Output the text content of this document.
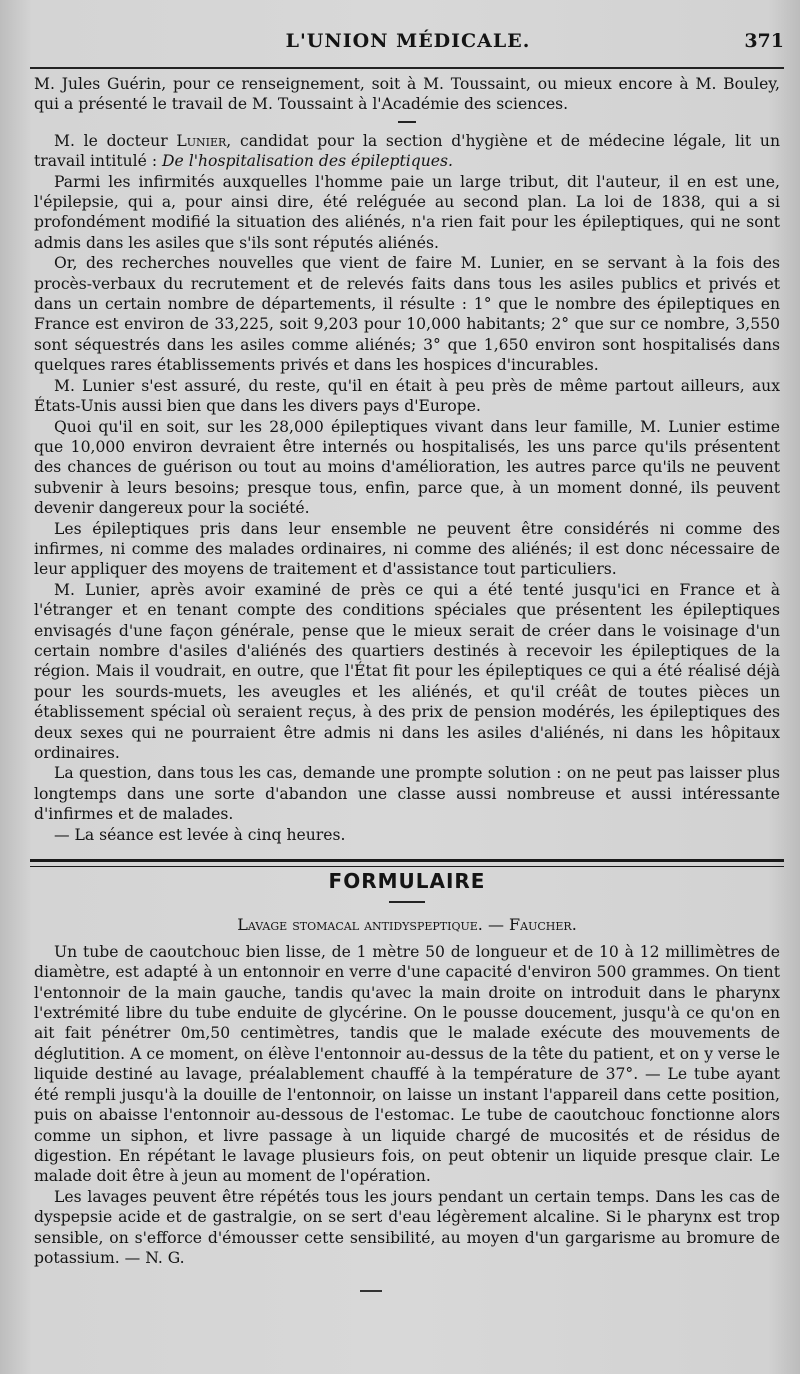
L'UNION MÉDICALE.	371

M. Jules Guérin, pour ce renseignement, soit à M. Toussaint, ou mieux encore à M. Bouley, qui a présenté le travail de M. Toussaint à l'Académie des sciences.

M. le docteur Lunier, candidat pour la section d'hygiène et de médecine légale, lit un travail intitulé : De l'hospitalisation des épileptiques.

Parmi les infirmités auxquelles l'homme paie un large tribut, dit l'auteur, il en est une, l'épilepsie, qui a, pour ainsi dire, été reléguée au second plan. La loi de 1838, qui a si profondément modifié la situation des aliénés, n'a rien fait pour les épileptiques, qui ne sont admis dans les asiles que s'ils sont réputés aliénés.

Or, des recherches nouvelles que vient de faire M. Lunier, en se servant à la fois des procès-verbaux du recrutement et de relevés faits dans tous les asiles publics et privés et dans un certain nombre de départements, il résulte : 1° que le nombre des épileptiques en France est environ de 33,225, soit 9,203 pour 10,000 habitants; 2° que sur ce nombre, 3,550 sont séquestrés dans les asiles comme aliénés; 3° que 1,650 environ sont hospitalisés dans quelques rares établissements privés et dans les hospices d'incurables.

M. Lunier s'est assuré, du reste, qu'il en était à peu près de même partout ailleurs, aux États-Unis aussi bien que dans les divers pays d'Europe.

Quoi qu'il en soit, sur les 28,000 épileptiques vivant dans leur famille, M. Lunier estime que 10,000 environ devraient être internés ou hospitalisés, les uns parce qu'ils présentent des chances de guérison ou tout au moins d'amélioration, les autres parce qu'ils ne peuvent subvenir à leurs besoins; presque tous, enfin, parce que, à un moment donné, ils peuvent devenir dangereux pour la société.

Les épileptiques pris dans leur ensemble ne peuvent être considérés ni comme des infirmes, ni comme des malades ordinaires, ni comme des aliénés; il est donc nécessaire de leur appliquer des moyens de traitement et d'assistance tout particuliers.

M. Lunier, après avoir examiné de près ce qui a été tenté jusqu'ici en France et à l'étranger et en tenant compte des conditions spéciales que présentent les épileptiques envisagés d'une façon générale, pense que le mieux serait de créer dans le voisinage d'un certain nombre d'asiles d'aliénés des quartiers destinés à recevoir les épileptiques de la région. Mais il voudrait, en outre, que l'État fit pour les épileptiques ce qui a été réalisé déjà pour les sourds-muets, les aveugles et les aliénés, et qu'il créât de toutes pièces un établissement spécial où seraient reçus, à des prix de pension modérés, les épileptiques des deux sexes qui ne pourraient être admis ni dans les asiles d'aliénés, ni dans les hôpitaux ordinaires.

La question, dans tous les cas, demande une prompte solution : on ne peut pas laisser plus longtemps dans une sorte d'abandon une classe aussi nombreuse et aussi intéressante d'infirmes et de malades.

— La séance est levée à cinq heures.

FORMULAIRE
Lavage stomacal antidyspeptique. — Faucher.

Un tube de caoutchouc bien lisse, de 1 mètre 50 de longueur et de 10 à 12 millimètres de diamètre, est adapté à un entonnoir en verre d'une capacité d'environ 500 grammes. On tient l'entonnoir de la main gauche, tandis qu'avec la main droite on introduit dans le pharynx l'extrémité libre du tube enduite de glycérine. On le pousse doucement, jusqu'à ce qu'on en ait fait pénétrer 0m,50 centimètres, tandis que le malade exécute des mouvements de déglutition. A ce moment, on élève l'entonnoir au-dessus de la tête du patient, et on y verse le liquide destiné au lavage, préalablement chauffé à la température de 37°. — Le tube ayant été rempli jusqu'à la douille de l'entonnoir, on laisse un instant l'appareil dans cette position, puis on abaisse l'entonnoir au-dessous de l'estomac. Le tube de caoutchouc fonctionne alors comme un siphon, et livre passage à un liquide chargé de mucosités et de résidus de digestion. En répétant le lavage plusieurs fois, on peut obtenir un liquide presque clair. Le malade doit être à jeun au moment de l'opération.

Les lavages peuvent être répétés tous les jours pendant un certain temps. Dans les cas de dyspepsie acide et de gastralgie, on se sert d'eau légèrement alcaline. Si le pharynx est trop sensible, on s'efforce d'émousser cette sensibilité, au moyen d'un gargarisme au bromure de potassium. — N. G.
